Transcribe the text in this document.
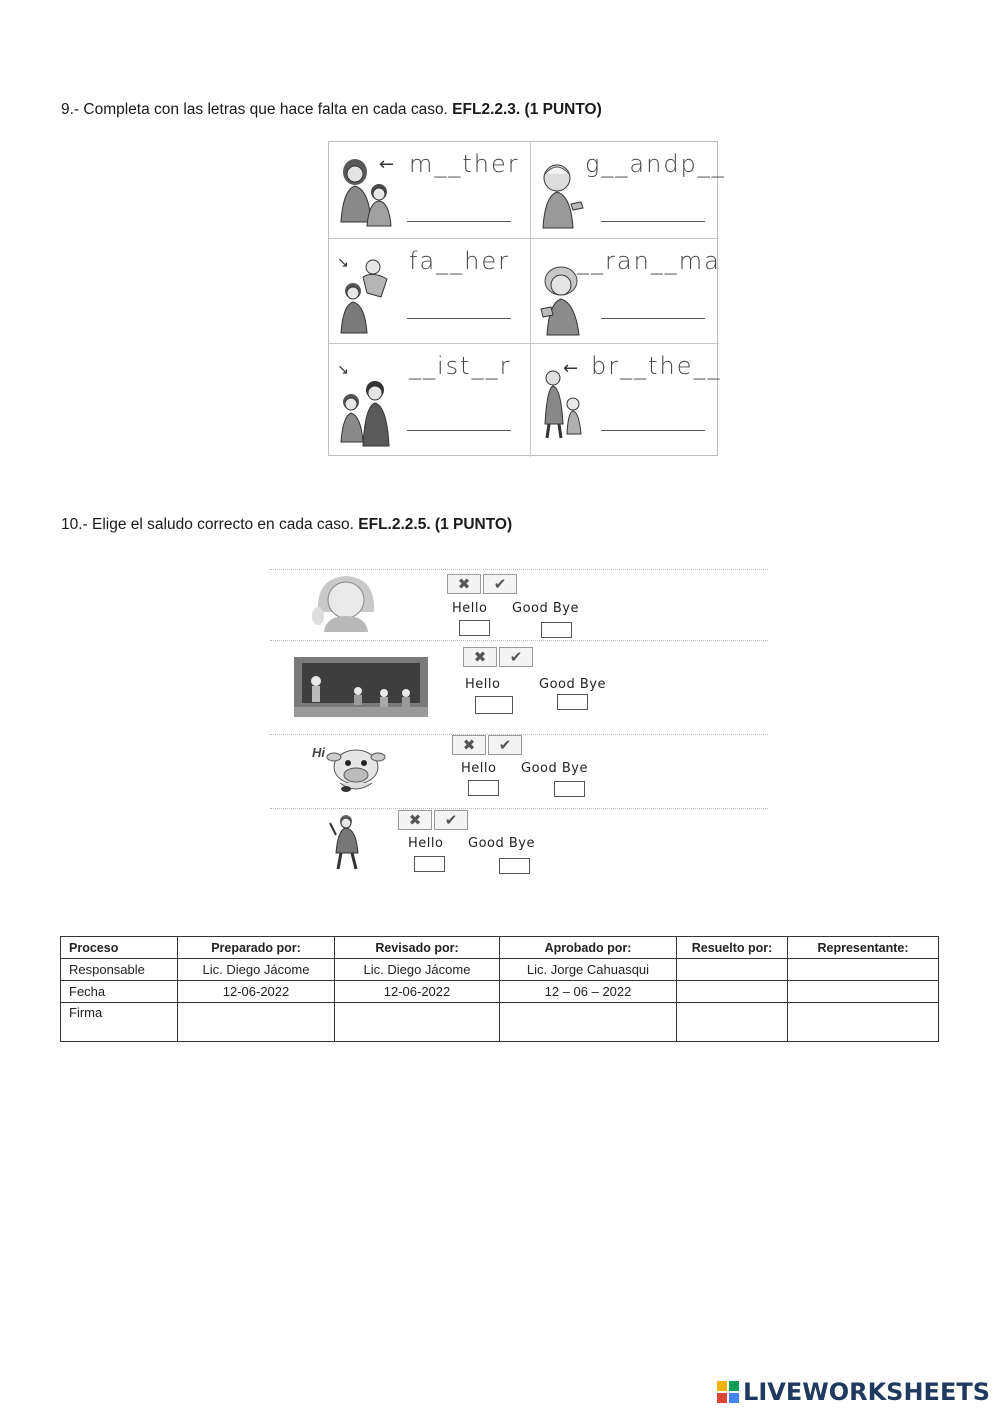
9.- Completa con las letras que hace falta en cada caso. EFL2.2.3. (1 PUNTO)
← m__ther	g__andp__
↘	fa__her	__ran__ma
↘	__ist__r	← br__the__
10.- Elige el saludo correcto en cada caso. EFL.2.2.5. (1 PUNTO)
✖	✔
Hello Good Bye
✖	✔
Hello	Good Bye
Hi	✖	✔
Hello Good Bye
✖	✔
Hello Good Bye
Proceso	Preparado por:	Revisado por:	Aprobado por:	Resuelto por:	Representante:
Responsable	Lic. Diego Jácome	Lic. Diego Jácome	Lic. Jorge Cahuasqui		
Fecha	12-06-2022	12-06-2022	12 – 06 – 2022		
Firma					
LIVEWORKSHEETS
